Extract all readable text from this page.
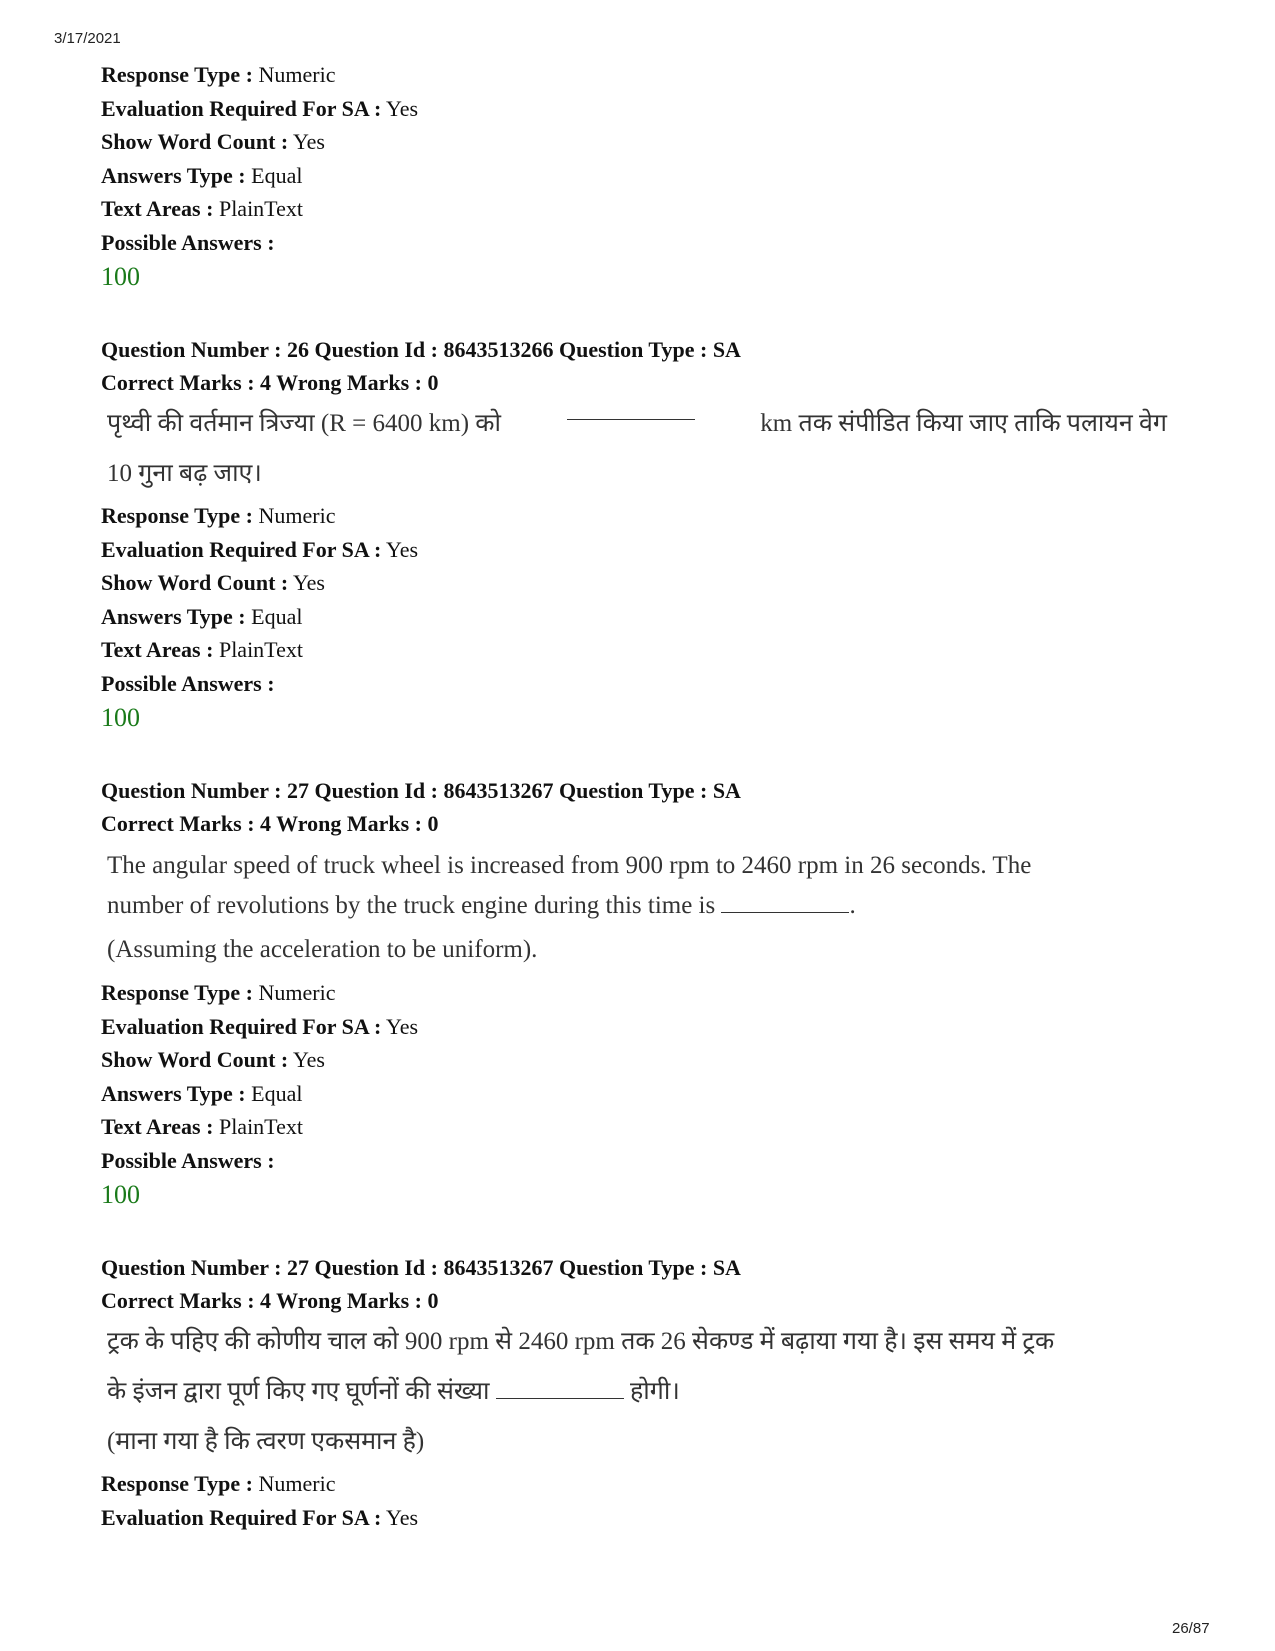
3/17/2021
Response Type : Numeric
Evaluation Required For SA : Yes
Show Word Count : Yes
Answers Type : Equal
Text Areas : PlainText
Possible Answers :
100
Question Number : 26 Question Id : 8643513266 Question Type : SA
Correct Marks : 4 Wrong Marks : 0
पृथ्वी की वर्तमान त्रिज्या (R = 6400 km) को	km तक संपीडित किया जाए ताकि पलायन वेग
10 गुना बढ़ जाए।
Response Type : Numeric
Evaluation Required For SA : Yes
Show Word Count : Yes
Answers Type : Equal
Text Areas : PlainText
Possible Answers :
100
Question Number : 27 Question Id : 8643513267 Question Type : SA
Correct Marks : 4 Wrong Marks : 0
The angular speed of truck wheel is increased from 900 rpm to 2460 rpm in 26 seconds. The
number of revolutions by the truck engine during this time is	.
(Assuming the acceleration to be uniform).
Response Type : Numeric
Evaluation Required For SA : Yes
Show Word Count : Yes
Answers Type : Equal
Text Areas : PlainText
Possible Answers :
100
Question Number : 27 Question Id : 8643513267 Question Type : SA
Correct Marks : 4 Wrong Marks : 0
ट्रक के पहिए की कोणीय चाल को 900 rpm से 2460 rpm तक 26 सेकण्ड में बढ़ाया गया है। इस समय में ट्रक
के इंजन द्वारा पूर्ण किए गए घूर्णनों की संख्या	होगी।
(माना गया है कि त्वरण एकसमान है)
Response Type : Numeric
Evaluation Required For SA : Yes
26/87
